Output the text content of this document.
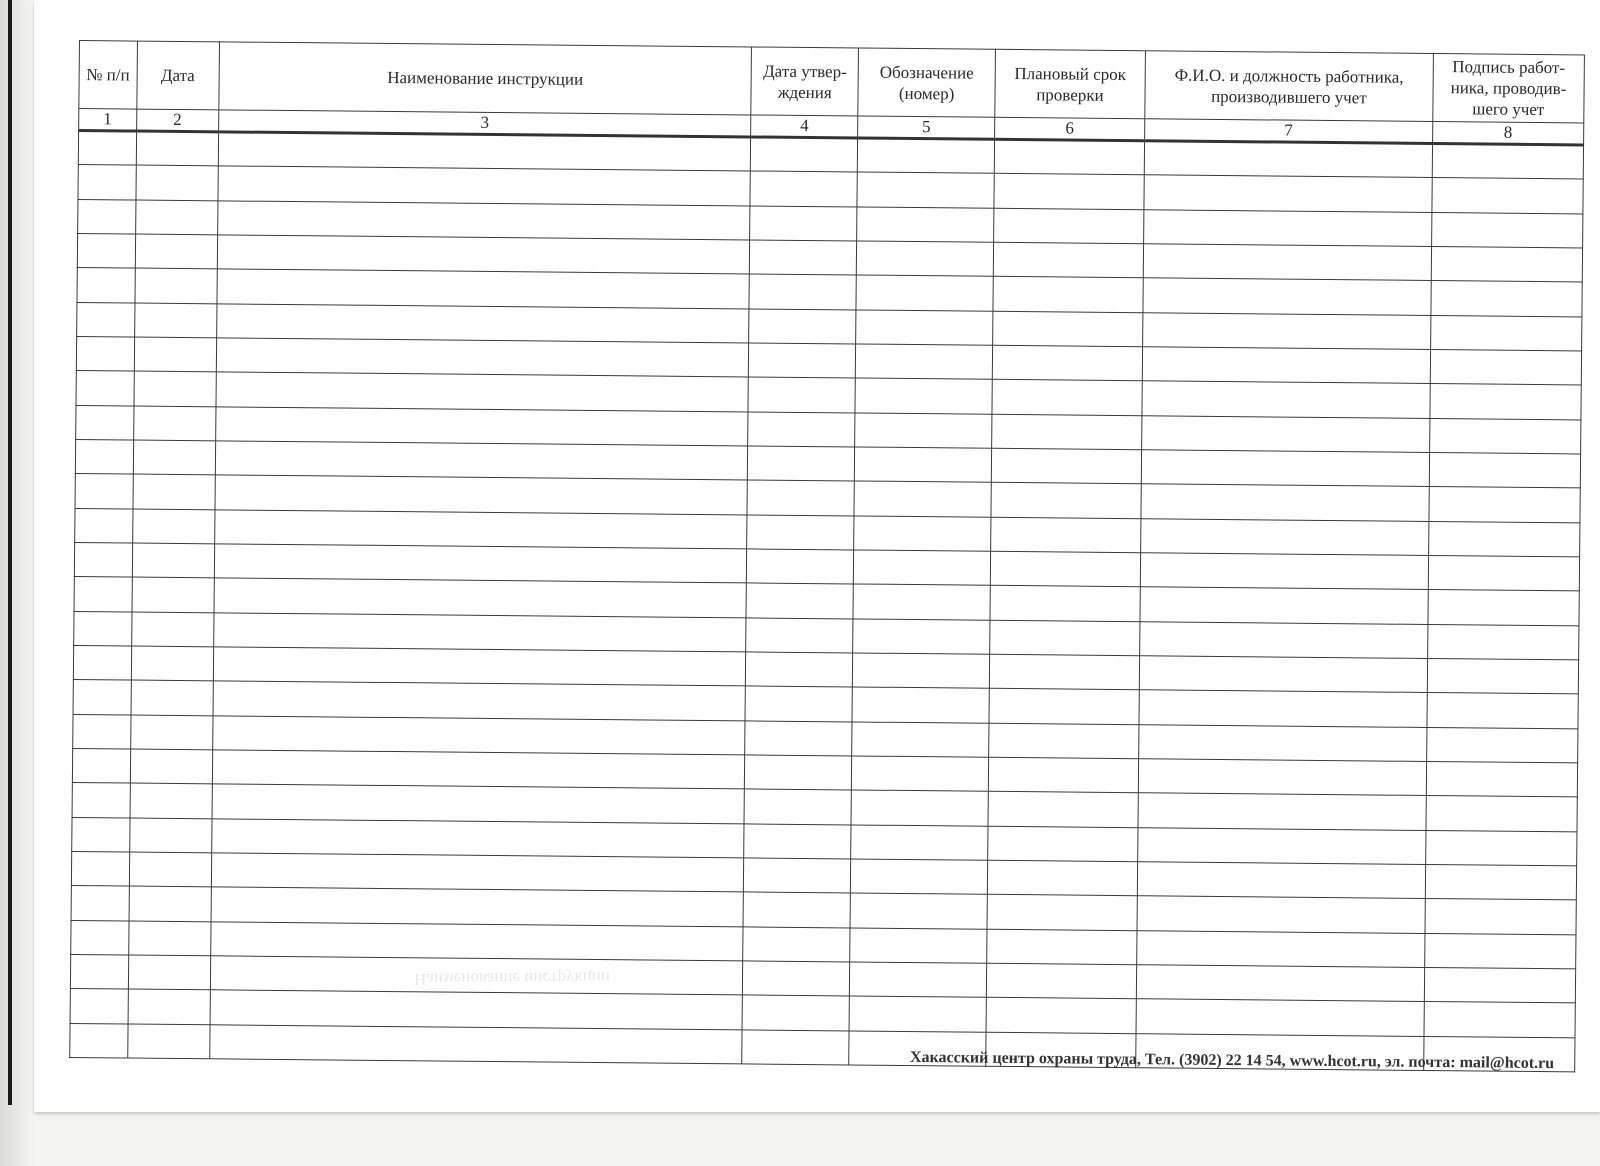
Наименование инструкции
№ п/п	Дата	Наименование инструкции	Дата утвер-ждения	Обозначение (номер)	Плановый срок проверки	Ф.И.О. и должность работника, производившего учет	Подпись работ-ника, проводив-шего учет
1	2	3	4	5	6	7	8

Хакасский центр охраны труда, Тел. (3902) 22 14 54, www.hcot.ru, эл. почта: mail@hcot.ru
